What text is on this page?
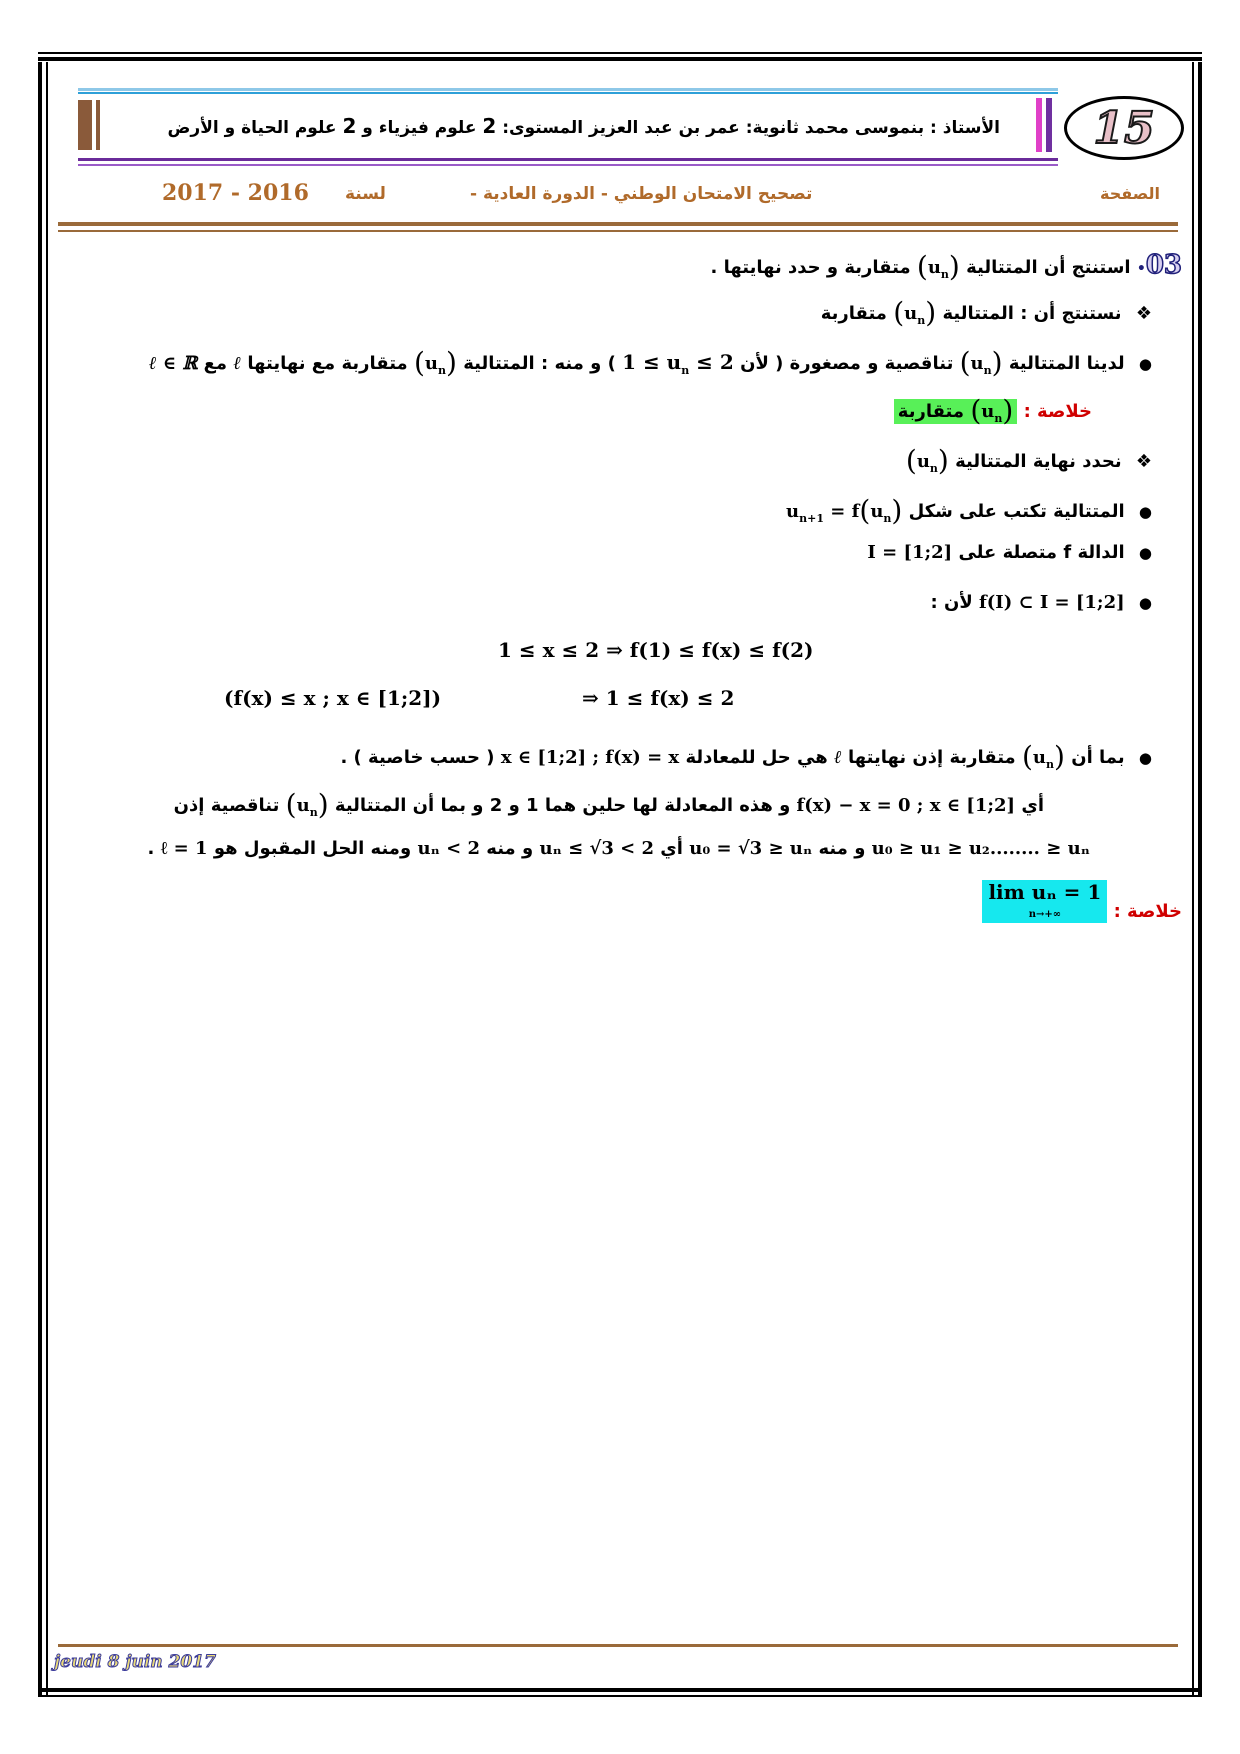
الأستاذ : بنموسى محمد ثانوية: عمر بن عبد العزيز المستوى: 2 علوم فيزياء و 2 علوم الحياة و الأرض	15
الصفحة
تصحيح الامتحان الوطني - الدورة العادية -
لسنة
2017 - 2016
03• استنتج أن المتتالية $(u_n)$ متقاربة و حدد نهايتها .
❖ نستنتج أن : المتتالية $(u_n)$ متقاربة
● لدينا المتتالية $(u_n)$ تناقصية و مصغورة ( لأن $1 \le u_n \le 2$ ) و منه : المتتالية $(u_n)$ متقاربة مع نهايتها ℓ مع ℓ ∈ ℝ
خلاصة : $(u_n)$ متقاربة
❖ نحدد نهاية المتتالية $(u_n)$
● المتتالية تكتب على شكل $u_{n+1} = f(u_n)$
● الدالة f متصلة على I = [1;2]
● f(I) ⊂ I = [1;2] لأن :
1 ≤ x ≤ 2 ⇒ f(1) ≤ f(x) ≤ f(2)
(f(x) ≤ x ; x ∈ [1;2])	⇒ 1 ≤ f(x) ≤ 2
● بما أن $(u_n)$ متقاربة إذن نهايتها ℓ هي حل للمعادلة x ∈ [1;2] ; f(x) = x ( حسب خاصية ) .
أي f(x) − x = 0 ; x ∈ [1;2] و هذه المعادلة لها حلين هما 1 و 2 و بما أن المتتالية $(u_n)$ تناقصية إذن
u₀ ≥ u₁ ≥ u₂........ ≥ uₙ و منه u₀ = √3 ≥ uₙ أي uₙ ≤ √3 < 2 و منه uₙ < 2 ومنه الحل المقبول هو ℓ = 1 .
خلاصة : lim uₙ = 1
n→+∞
jeudi 8 juin 2017
